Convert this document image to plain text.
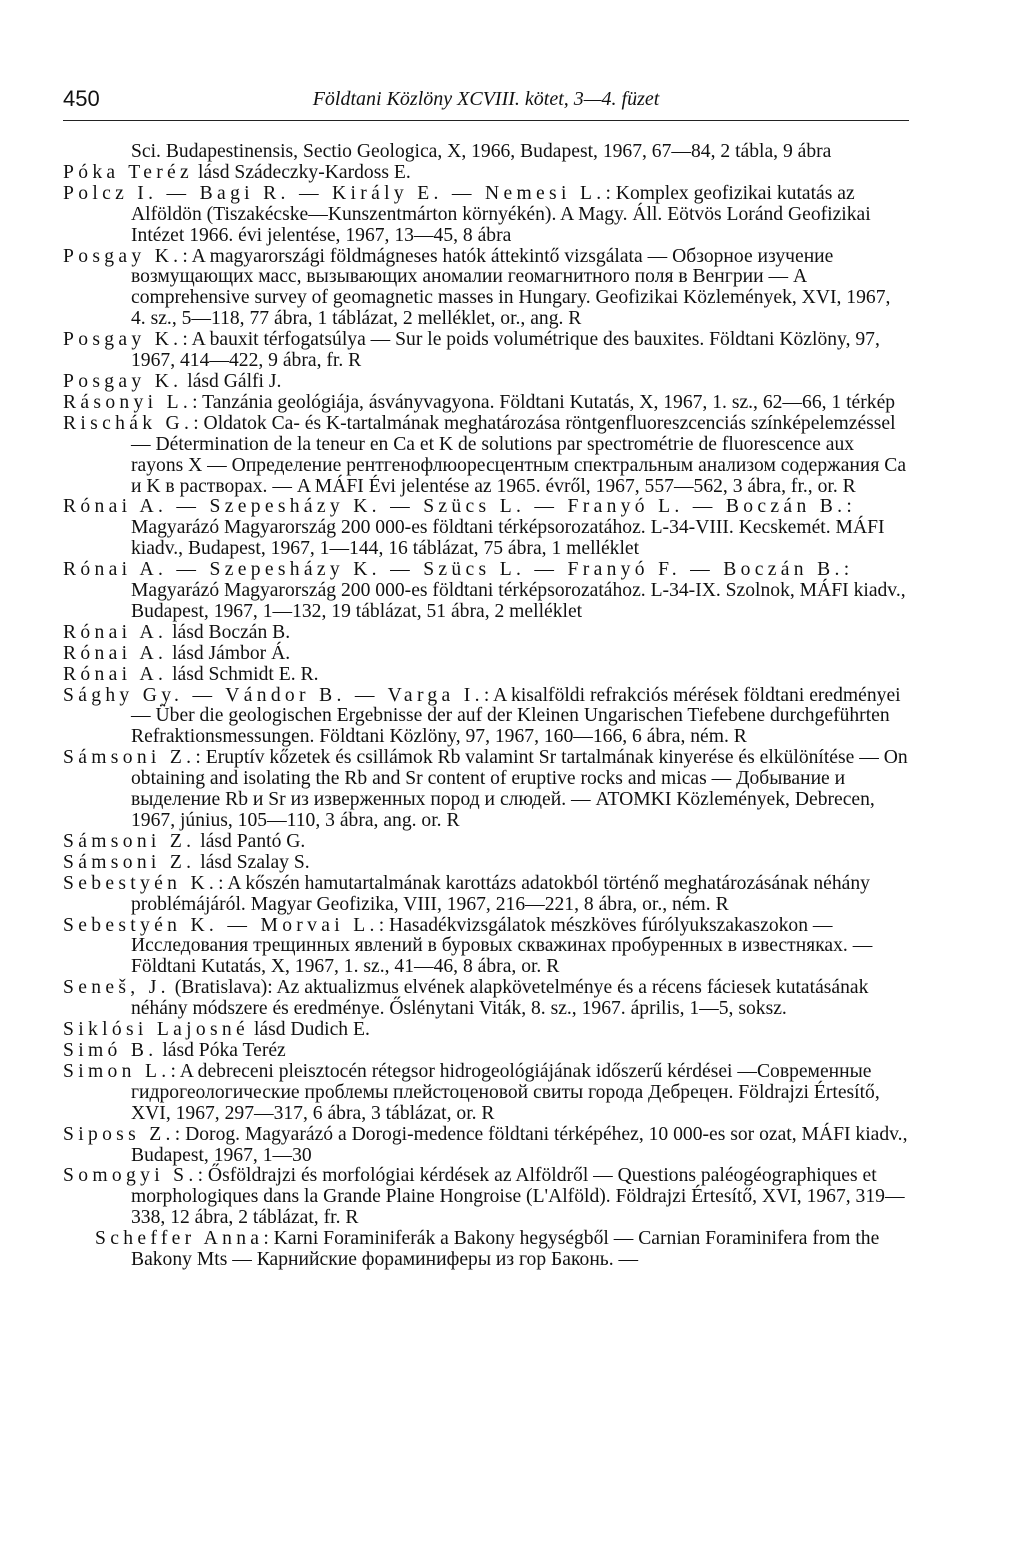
450	Földtani Közlöny XCVIII. kötet, 3—4. füzet

Sci. Budapestinensis, Sectio Geologica, X, 1966, Budapest, 1967, 67—84, 2 tábla, 9 ábra

Póka Teréz lásd Szádeczky-Kardoss E.

Polcz I. — Bagi R. — Király E. — Nemesi L.: Komplex geofizikai kutatás az Alföldön (Tiszakécske—Kunszentmárton környékén). A Magy. Áll. Eötvös Loránd Geofizikai Intézet 1966. évi jelentése, 1967, 13—45, 8 ábra

Posgay K.: A magyarországi földmágneses hatók áttekintő vizsgálata — Обзорное изучение возмущающих масс, вызывающих аномалии геомагнитного поля в Венгрии — A comprehensive survey of geomagnetic masses in Hungary. Geofizikai Közlemények, XVI, 1967, 4. sz., 5—118, 77 ábra, 1 táblázat, 2 melléklet, or., ang. R

Posgay K.: A bauxit térfogatsúlya — Sur le poids volumétrique des bauxites. Földtani Közlöny, 97, 1967, 414—422, 9 ábra, fr. R

Posgay K. lásd Gálfi J.

Rásonyi L.: Tanzánia geológiája, ásványvagyona. Földtani Kutatás, X, 1967, 1. sz., 62—66, 1 térkép

Rischák G.: Oldatok Ca- és K-tartalmának meghatározása röntgenfluoreszcenciás színképelemzéssel — Détermination de la teneur en Ca et K de solutions par spectrométrie de fluorescence aux rayons X — Определение рентгенофлюоресцентным спектральным анализом содержания Ca и K в растворах. — A MÁFI Évi jelentése az 1965. évről, 1967, 557—562, 3 ábra, fr., or. R

Rónai A. — Szepesházy K. — Szücs L. — Franyó L. — Boczán B.: Magyarázó Magyarország 200 000-es földtani térképsorozatához. L-34-VIII. Kecskemét. MÁFI kiadv., Budapest, 1967, 1—144, 16 táblázat, 75 ábra, 1 melléklet

Rónai A. — Szepesházy K. — Szücs L. — Franyó F. — Boczán B.: Magyarázó Magyarország 200 000-es földtani térképsorozatához. L-34-IX. Szolnok, MÁFI kiadv., Budapest, 1967, 1—132, 19 táblázat, 51 ábra, 2 melléklet

Rónai A. lásd Boczán B.

Rónai A. lásd Jámbor Á.

Rónai A. lásd Schmidt E. R.

Sághy Gy. — Vándor B. — Varga I.: A kisalföldi refrakciós mérések földtani eredményei — Über die geologischen Ergebnisse der auf der Kleinen Ungarischen Tiefebene durchgeführten Refraktionsmessungen. Földtani Közlöny, 97, 1967, 160—166, 6 ábra, ném. R

Sámsoni Z.: Eruptív kőzetek és csillámok Rb valamint Sr tartalmának kinyerése és elkülönítése — On obtaining and isolating the Rb and Sr content of eruptive rocks and micas — Добывание и выделение Rb и Sr из изверженных пород и слюдей. — ATOMKI Közlemények, Debrecen, 1967, június, 105—110, 3 ábra, ang. or. R

Sámsoni Z. lásd Pantó G.

Sámsoni Z. lásd Szalay S.

Sebestyén K.: A kőszén hamutartalmának karottázs adatokból történő meghatározásának néhány problémájáról. Magyar Geofizika, VIII, 1967, 216—221, 8 ábra, or., ném. R

Sebestyén K. — Morvai L.: Hasadékvizsgálatok mészköves fúrólyukszakaszokon — Исследования трещинных явлений в буровых скважинах пробуренных в известняках. — Földtani Kutatás, X, 1967, 1. sz., 41—46, 8 ábra, or. R

Seneš, J. (Bratislava): Az aktualizmus elvének alapkövetelménye és a récens fáciesek kutatásának néhány módszere és eredménye. Őslénytani Viták, 8. sz., 1967. április, 1—5, soksz.

Siklósi Lajosné lásd Dudich E.

Simó B. lásd Póka Teréz

Simon L.: A debreceni pleisztocén rétegsor hidrogeológiájának időszerű kérdései —Современные гидрогеологические проблемы плейстоценовой свиты города Дебрецен. Földrajzi Értesítő, XVI, 1967, 297—317, 6 ábra, 3 táblázat, or. R

Siposs Z.: Dorog. Magyarázó a Dorogi-medence földtani térképéhez, 10 000-es sor ozat, MÁFI kiadv., Budapest, 1967, 1—30

Somogyi S.: Ősföldrajzi és morfológiai kérdések az Alföldről — Questions paléogéographiques et morphologiques dans la Grande Plaine Hongroise (L'Alföld). Földrajzi Értesítő, XVI, 1967, 319—338, 12 ábra, 2 táblázat, fr. R

Scheffer Anna: Karni Foraminiferák a Bakony hegységből — Carnian Foraminifera from the Bakony Mts — Карнийские фораминиферы из гор Баконь. —
